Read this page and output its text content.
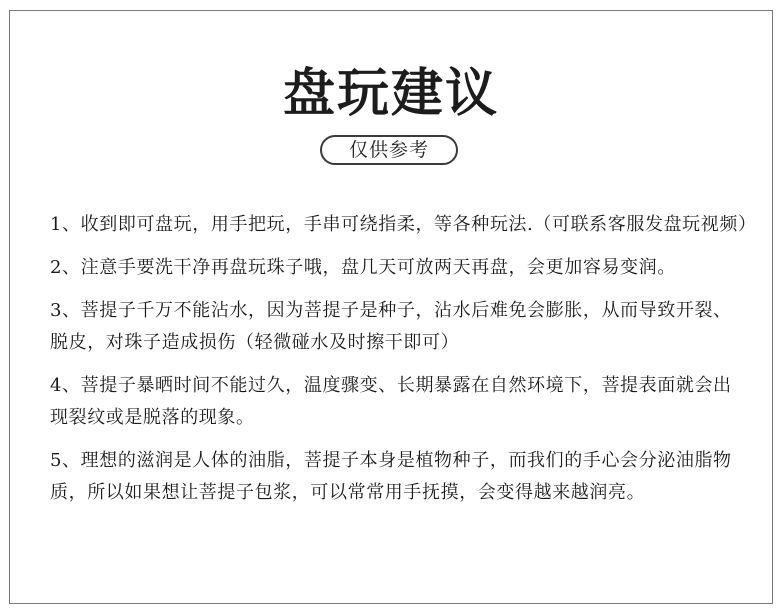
盘玩建议
仅供参考

1、收到即可盘玩，用手把玩，手串可绕指柔，等各种玩法.（可联系客服发盘玩视频）

2、注意手要洗干净再盘玩珠子哦，盘几天可放两天再盘，会更加容易变润。

3、菩提子千万不能沾水，因为菩提子是种子，沾水后难免会膨胀，从而导致开裂、脱皮，对珠子造成损伤（轻微碰水及时擦干即可）

4、菩提子暴晒时间不能过久，温度骤变、长期暴露在自然环境下，菩提表面就会出现裂纹或是脱落的现象。

5、理想的滋润是人体的油脂，菩提子本身是植物种子，而我们的手心会分泌油脂物质，所以如果想让菩提子包浆，可以常常用手抚摸，会变得越来越润亮。
